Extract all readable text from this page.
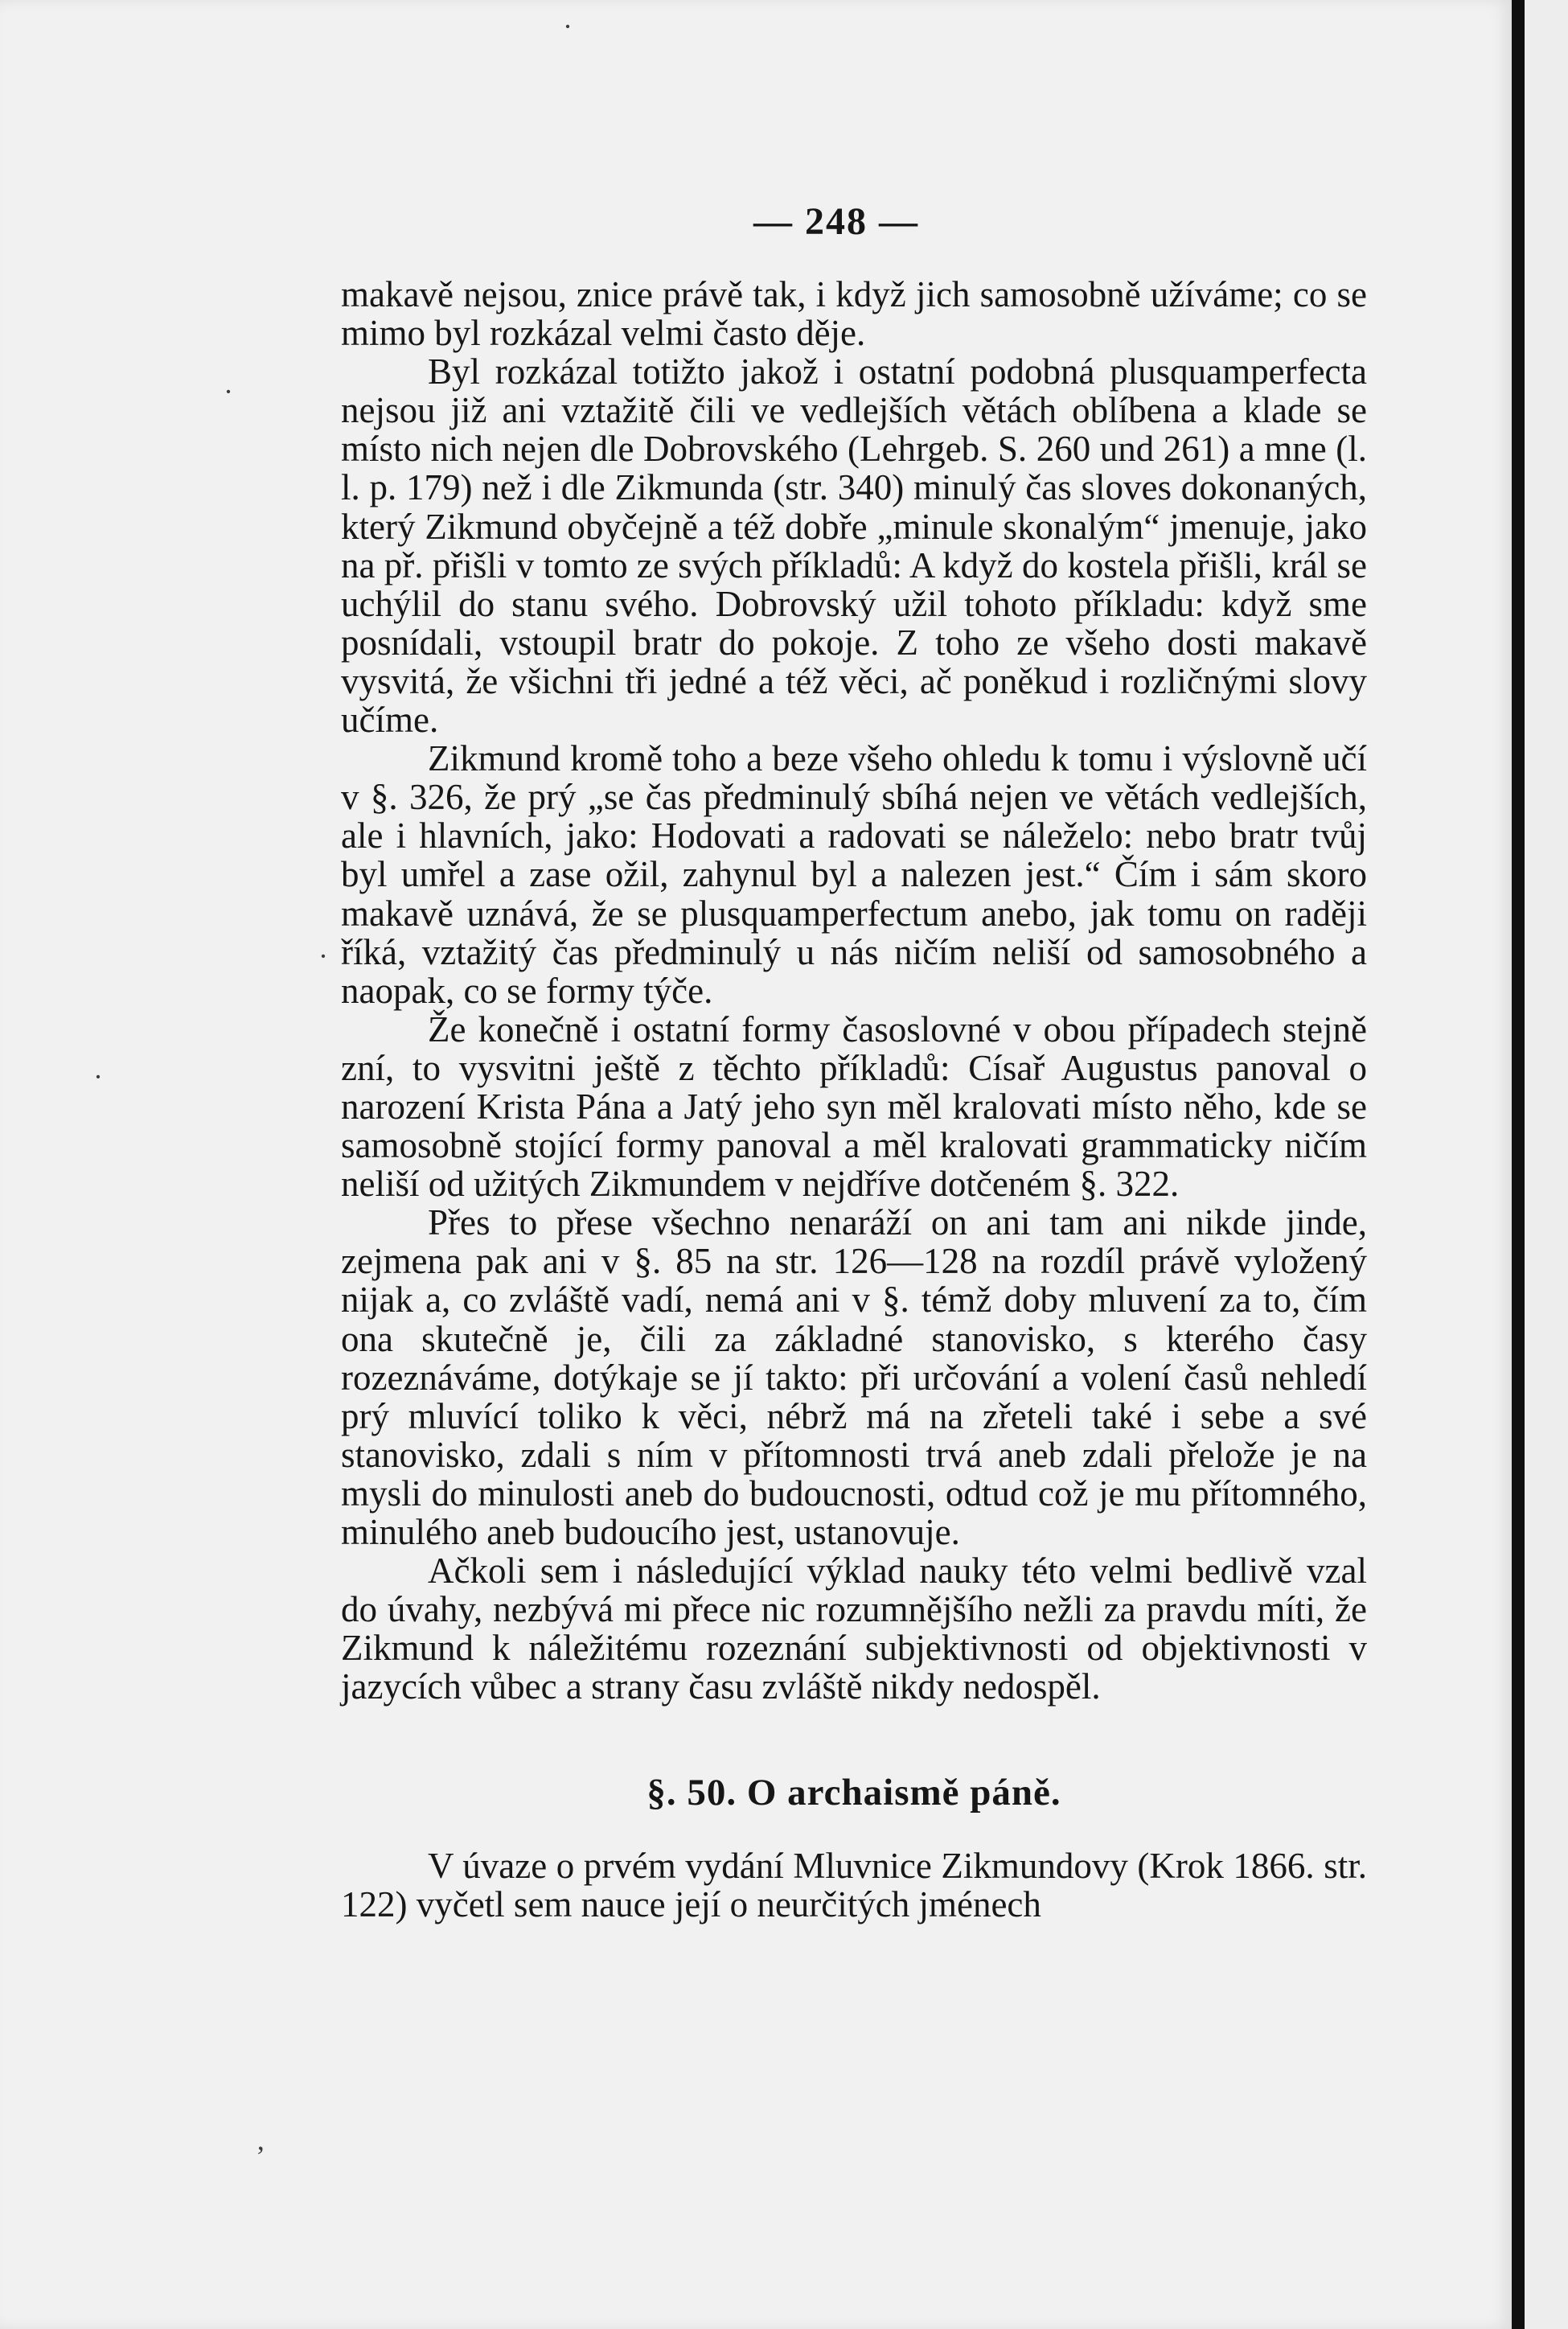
— 248 —

makavě nejsou, znice právě tak, i když jich samosobně užíváme; co se mimo byl rozkázal velmi často děje.

Byl rozkázal totižto jakož i ostatní podobná plusquamperfecta nejsou již ani vztažitě čili ve vedlejších větách oblíbena a klade se místo nich nejen dle Dobrovského (Lehrgeb. S. 260 und 261) a mne (l. l. p. 179) než i dle Zikmunda (str. 340) minulý čas sloves dokonaných, který Zikmund obyčejně a též dobře „minule skonalým“ jmenuje, jako na př. přišli v tomto ze svých příkladů: A když do kostela přišli, král se uchýlil do stanu svého. Dobrovský užil tohoto příkladu: když sme posnídali, vstoupil bratr do pokoje. Z toho ze všeho dosti makavě vysvitá, že všichni tři jedné a též věci, ač poněkud i rozličnými slovy učíme.

Zikmund kromě toho a beze všeho ohledu k tomu i výslovně učí v §. 326, že prý „se čas předminulý sbíhá nejen ve větách vedlejších, ale i hlavních, jako: Hodovati a radovati se náleželo: nebo bratr tvůj byl umřel a zase ožil, zahynul byl a nalezen jest.“ Čím i sám skoro makavě uznává, že se plusquamperfectum anebo, jak tomu on raději říká, vztažitý čas předminulý u nás ničím neliší od samosobného a naopak, co se formy týče.

Že konečně i ostatní formy časoslovné v obou případech stejně zní, to vysvitni ještě z těchto příkladů: Císař Augustus panoval o narození Krista Pána a Jatý jeho syn měl kralovati místo něho, kde se samosobně stojící formy panoval a měl kralovati grammaticky ničím neliší od užitých Zikmundem v nejdříve dotčeném §. 322.

Přes to přese všechno nenaráží on ani tam ani nikde jinde, zejmena pak ani v §. 85 na str. 126—128 na rozdíl právě vyložený nijak a, co zvláště vadí, nemá ani v §. témž doby mluvení za to, čím ona skutečně je, čili za základné stanovisko, s kterého časy rozeznáváme, dotýkaje se jí takto: při určování a volení časů nehledí prý mluvící toliko k věci, nébrž má na zřeteli také i sebe a své stanovisko, zdali s ním v přítomnosti trvá aneb zdali přelože je na mysli do minulosti aneb do budoucnosti, odtud což je mu přítomného, minulého aneb budoucího jest, ustanovuje.

Ačkoli sem i následující výklad nauky této velmi bedlivě vzal do úvahy, nezbývá mi přece nic rozumnějšího nežli za pravdu míti, že Zikmund k náležitému rozeznání subjektivnosti od objektivnosti v jazycích vůbec a strany času zvláště nikdy nedospěl.

§. 50. O archaismě páně.

V úvaze o prvém vydání Mluvnice Zikmundovy (Krok 1866. str. 122) vyčetl sem nauce její o neurčitých jménech

·
·
·
·
’
